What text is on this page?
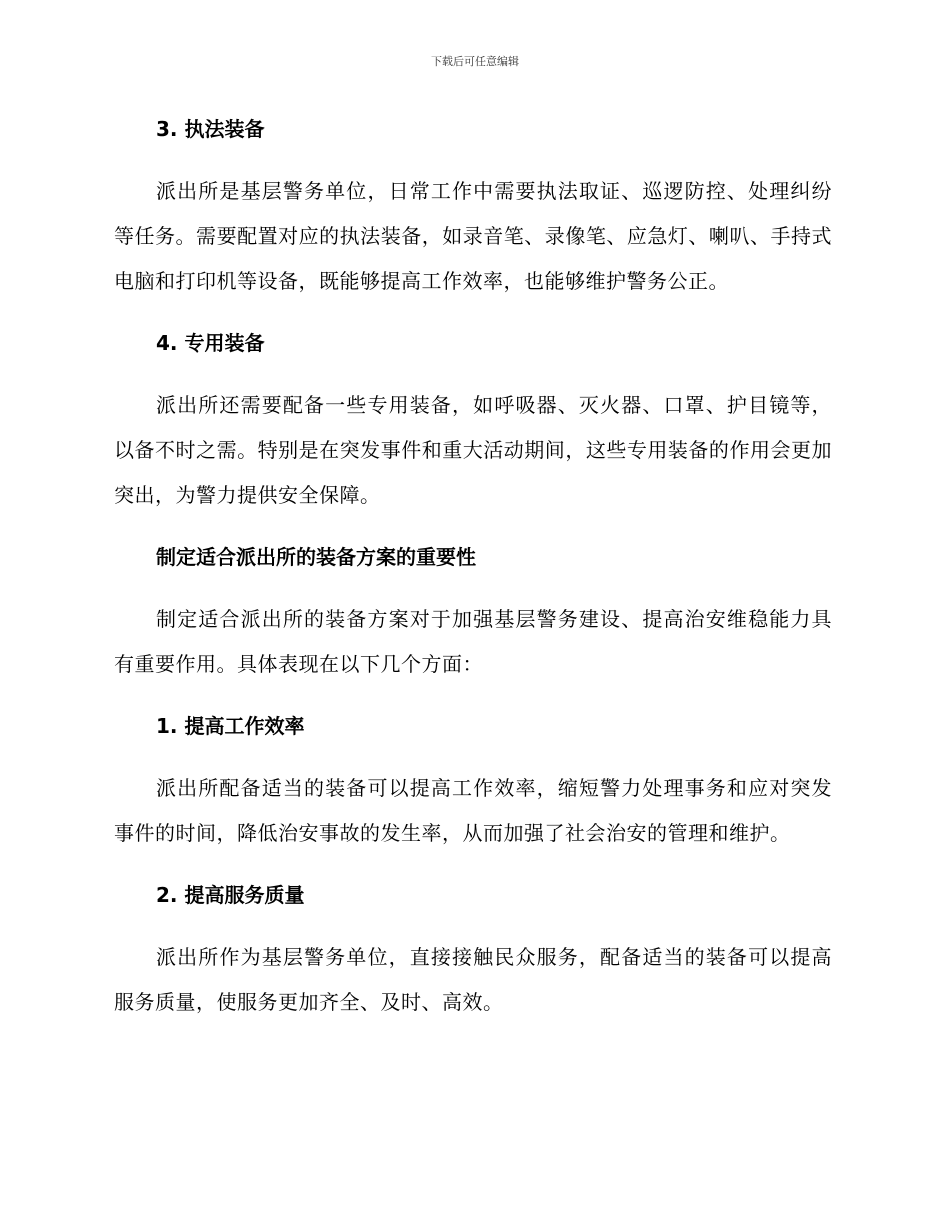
下载后可任意编辑
3. 执法装备

派出所是基层警务单位，日常工作中需要执法取证、巡逻防控、处理纠纷等任务。需要配置对应的执法装备，如录音笔、录像笔、应急灯、喇叭、手持式电脑和打印机等设备，既能够提高工作效率，也能够维护警务公正。

4. 专用装备

派出所还需要配备一些专用装备，如呼吸器、灭火器、口罩、护目镜等，以备不时之需。特别是在突发事件和重大活动期间，这些专用装备的作用会更加突出，为警力提供安全保障。

制定适合派出所的装备方案的重要性

制定适合派出所的装备方案对于加强基层警务建设、提高治安维稳能力具有重要作用。具体表现在以下几个方面：

1. 提高工作效率

派出所配备适当的装备可以提高工作效率，缩短警力处理事务和应对突发事件的时间，降低治安事故的发生率，从而加强了社会治安的管理和维护。

2. 提高服务质量

派出所作为基层警务单位，直接接触民众服务，配备适当的装备可以提高服务质量，使服务更加齐全、及时、高效。
